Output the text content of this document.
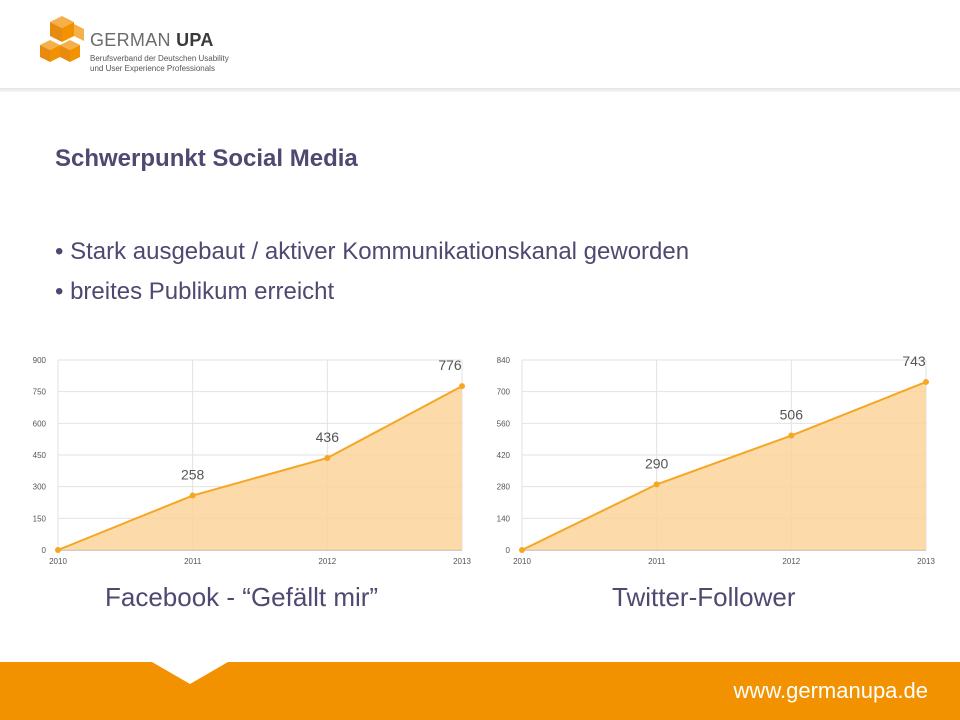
GERMAN UPA
Berufsverband der Deutschen Usability
und User Experience Professionals
Schwerpunkt Social Media
• Stark ausgebaut / aktiver Kommunikationskanal geworden
• breites Publikum erreicht
0
150
300
450
600
750
900
2010	2011	2012	2013
258
436
776
0
140
280
420
560
700
840
2010	2011	2012	2013
290
506
743
Facebook - “Gefällt mir”	Twitter-Follower
www.germanupa.de
